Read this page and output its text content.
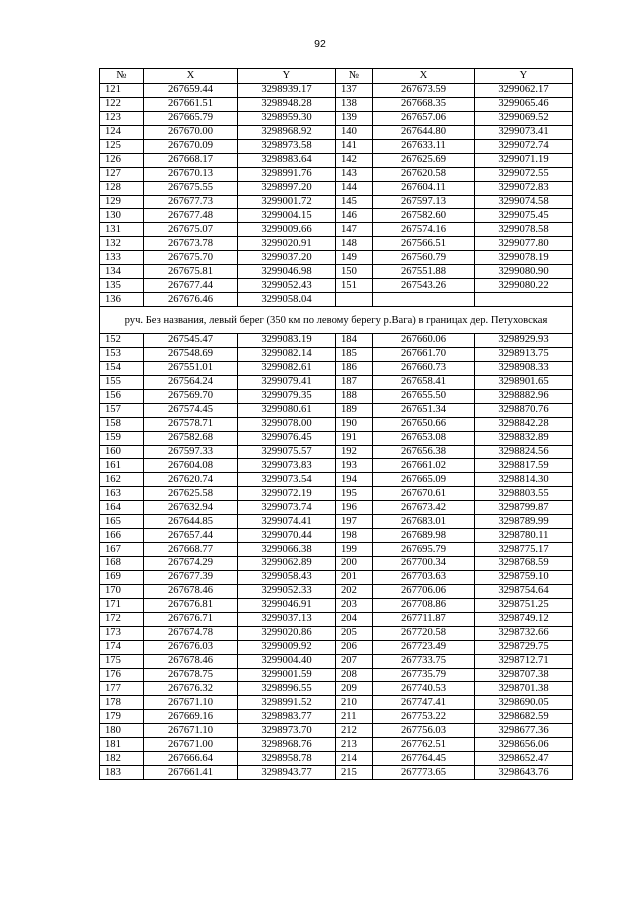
92
№	X	Y	№	X	Y
121	267659.44	3298939.17	137	267673.59	3299062.17
122	267661.51	3298948.28	138	267668.35	3299065.46
123	267665.79	3298959.30	139	267657.06	3299069.52
124	267670.00	3298968.92	140	267644.80	3299073.41
125	267670.09	3298973.58	141	267633.11	3299072.74
126	267668.17	3298983.64	142	267625.69	3299071.19
127	267670.13	3298991.76	143	267620.58	3299072.55
128	267675.55	3298997.20	144	267604.11	3299072.83
129	267677.73	3299001.72	145	267597.13	3299074.58
130	267677.48	3299004.15	146	267582.60	3299075.45
131	267675.07	3299009.66	147	267574.16	3299078.58
132	267673.78	3299020.91	148	267566.51	3299077.80
133	267675.70	3299037.20	149	267560.79	3299078.19
134	267675.81	3299046.98	150	267551.88	3299080.90
135	267677.44	3299052.43	151	267543.26	3299080.22
136	267676.46	3299058.04			
руч. Без названия, левый берег (350 км по левому берегу р.Вага) в границах дер. Петуховская					
152	267545.47	3299083.19	184	267660.06	3298929.93
153	267548.69	3299082.14	185	267661.70	3298913.75
154	267551.01	3299082.61	186	267660.73	3298908.33
155	267564.24	3299079.41	187	267658.41	3298901.65
156	267569.70	3299079.35	188	267655.50	3298882.96
157	267574.45	3299080.61	189	267651.34	3298870.76
158	267578.71	3299078.00	190	267650.66	3298842.28
159	267582.68	3299076.45	191	267653.08	3298832.89
160	267597.33	3299075.57	192	267656.38	3298824.56
161	267604.08	3299073.83	193	267661.02	3298817.59
162	267620.74	3299073.54	194	267665.09	3298814.30
163	267625.58	3299072.19	195	267670.61	3298803.55
164	267632.94	3299073.74	196	267673.42	3298799.87
165	267644.85	3299074.41	197	267683.01	3298789.99
166	267657.44	3299070.44	198	267689.98	3298780.11
167	267668.77	3299066.38	199	267695.79	3298775.17
168	267674.29	3299062.89	200	267700.34	3298768.59
169	267677.39	3299058.43	201	267703.63	3298759.10
170	267678.46	3299052.33	202	267706.06	3298754.64
171	267676.81	3299046.91	203	267708.86	3298751.25
172	267676.71	3299037.13	204	267711.87	3298749.12
173	267674.78	3299020.86	205	267720.58	3298732.66
174	267676.03	3299009.92	206	267723.49	3298729.75
175	267678.46	3299004.40	207	267733.75	3298712.71
176	267678.75	3299001.59	208	267735.79	3298707.38
177	267676.32	3298996.55	209	267740.53	3298701.38
178	267671.10	3298991.52	210	267747.41	3298690.05
179	267669.16	3298983.77	211	267753.22	3298682.59
180	267671.10	3298973.70	212	267756.03	3298677.36
181	267671.00	3298968.76	213	267762.51	3298656.06
182	267666.64	3298958.78	214	267764.45	3298652.47
183	267661.41	3298943.77	215	267773.65	3298643.76
